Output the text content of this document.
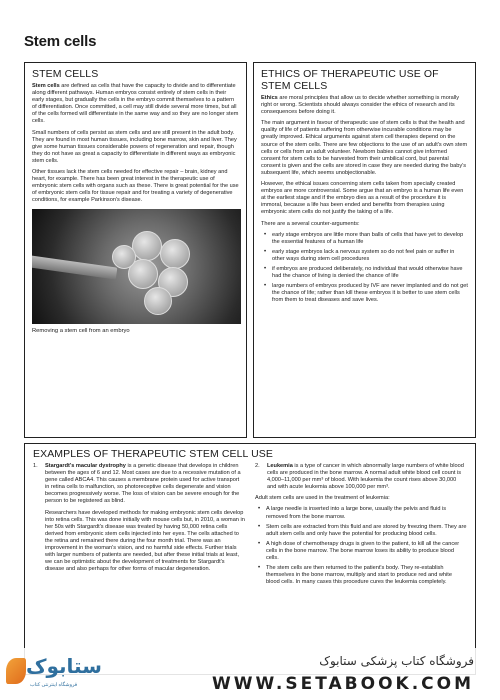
Stem cells
STEM CELLS

Stem cells are defined as cells that have the capacity to divide and to differentiate along different pathways. Human embryos consist entirely of stem cells in their early stages, but gradually the cells in the embryo commit themselves to a pattern of differentiation. Once committed, a cell may still divide several more times, but all of the cells formed will differentiate in the same way and so they are no longer stem cells.

Small numbers of cells persist as stem cells and are still present in the adult body. They are found in most human tissues, including bone marrow, skin and liver. They give some human tissues considerable powers of regeneration and repair, though they do not have as great a capacity to differentiate in different ways as embryonic stem cells.

Other tissues lack the stem cells needed for effective repair – brain, kidney and heart, for example. There has been great interest in the therapeutic use of embryonic stem cells with organs such as these. There is great potential for the use of embryonic stem cells for tissue repair and for treating a variety of degenerative conditions, for example Parkinson's disease.

Removing a stem cell from an embryo
ETHICS OF THERAPEUTIC USE OF STEM CELLS

Ethics are moral principles that allow us to decide whether something is morally right or wrong. Scientists should always consider the ethics of research and its consequences before doing it.

The main argument in favour of therapeutic use of stem cells is that the health and quality of life of patients suffering from otherwise incurable conditions may be greatly improved. Ethical arguments against stem cell therapies depend on the source of the stem cells. There are few objections to the use of an adult's own stem cells or cells from an adult volunteer. Newborn babies cannot give informed consent for stem cells to be harvested from their umbilical cord, but parental consent is given and the cells are stored in case they are needed during the baby's subsequent life, which seems unobjectionable.

However, the ethical issues concerning stem cells taken from specially created embryos are more controversial. Some argue that an embryo is a human life even at the earliest stage and if the embryo dies as a result of the procedure it is immoral, because a life has been ended and benefits from therapies using embryonic stem cells do not justify the taking of a life.

There are a several counter-arguments:

• early stage embryos are little more than balls of cells that have yet to develop the essential features of a human life
• early stage embryos lack a nervous system so do not feel pain or suffer in other ways during stem cell procedures
• if embryos are produced deliberately, no individual that would otherwise have had the chance of living is denied the chance of life
• large numbers of embryos produced by IVF are never implanted and do not get the chance of life; rather than kill these embryos it is better to use stem cells from them to treat diseases and save lives.
EXAMPLES OF THERAPEUTIC STEM CELL USE
1. Stargardt's macular dystrophy is a genetic disease that develops in children between the ages of 6 and 12. Most cases are due to a recessive mutation of a gene called ABCA4. This causes a membrane protein used for active transport in retina cells to malfunction, so photoreceptive cells degenerate and vision becomes progressively worse. The loss of vision can be severe enough for the person to be registered as blind.

Researchers have developed methods for making embryonic stem cells develop into retina cells. This was done initially with mouse cells but, in 2010, a woman in her 50s with Stargardt's disease was treated by having 50,000 retina cells derived from embryonic stem cells injected into her eyes. The cells attached to the retina and remained there during the four month trial. There was an improvement in the woman's vision, and no harmful side effects. Further trials with larger numbers of patients are needed, but after these initial trials at least, we can be optimistic about the development of treatments for Stargardt's disease and also perhaps for other forms of macular degeneration.

2. Leukemia is a type of cancer in which abnormally large numbers of white blood cells are produced in the bone marrow. A normal adult white blood cell count is 4,000–11,000 per mm³ of blood. With leukemia the count rises above 30,000 and with acute leukemia above 100,000 per mm³.

Adult stem cells are used in the treatment of leukemia:

• A large needle is inserted into a large bone, usually the pelvis and fluid is removed from the bone marrow.
• Stem cells are extracted from this fluid and are stored by freezing them. They are adult stem cells and only have the potential for producing blood cells.
• A high dose of chemotherapy drugs is given to the patient, to kill all the cancer cells in the bone marrow. The bone marrow loses its ability to produce blood cells.
• The stem cells are then returned to the patient's body. They re-establish themselves in the bone marrow, multiply and start to produce red and white blood cells. In many cases this procedure cures the leukemia completely.
ستابوک
فروشگاه اینترنتی کتاب
فروشگاه کتاب پزشکی ستابوک
WWW.SETABOOK.COM
